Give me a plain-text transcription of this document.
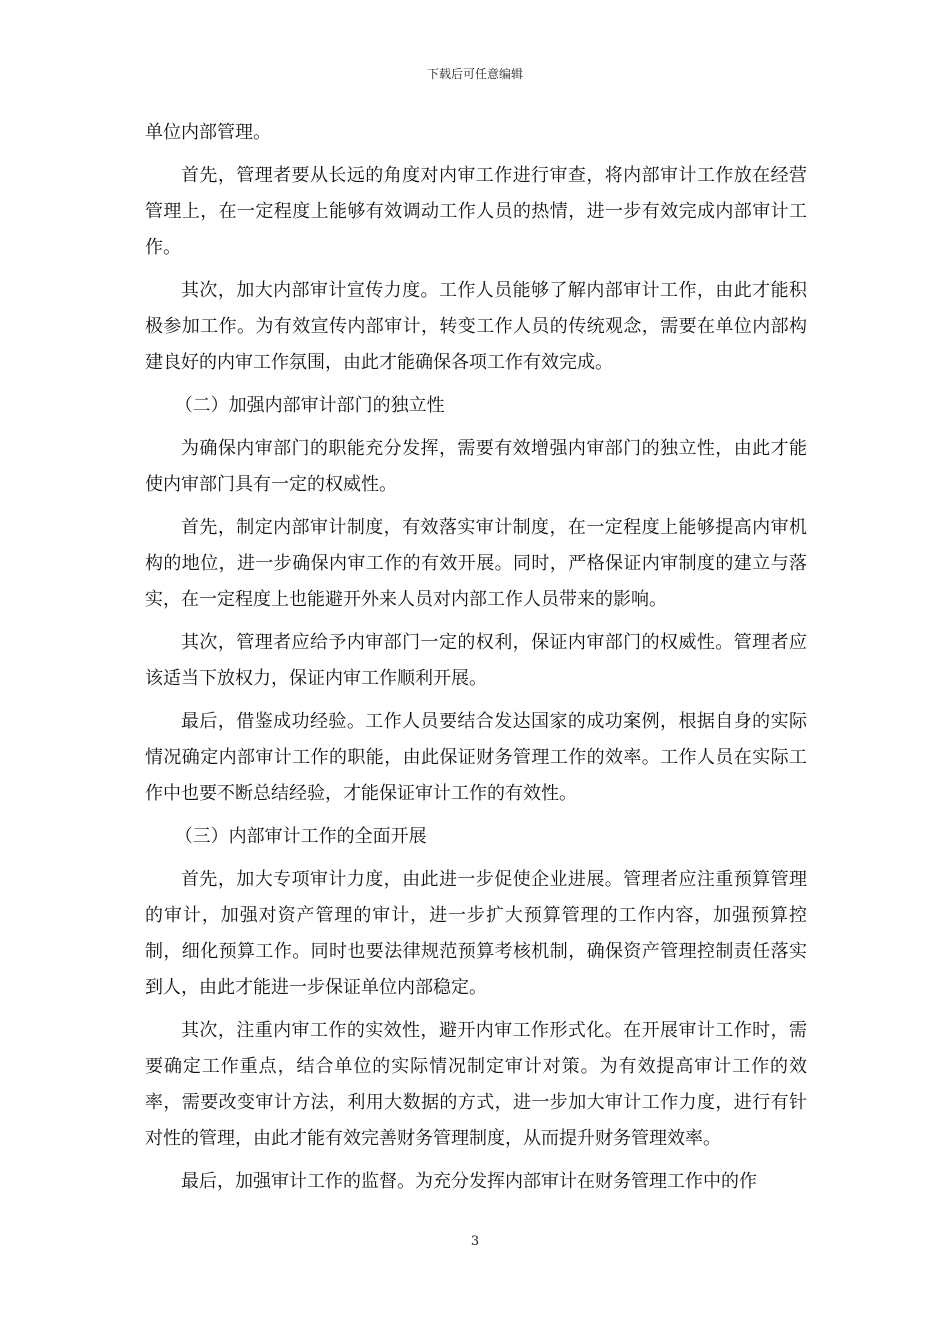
下载后可任意编辑

单位内部管理。

首先，管理者要从长远的角度对内审工作进行审查，将内部审计工作放在经营管理上，在一定程度上能够有效调动工作人员的热情，进一步有效完成内部审计工作。

其次，加大内部审计宣传力度。工作人员能够了解内部审计工作，由此才能积极参加工作。为有效宣传内部审计，转变工作人员的传统观念，需要在单位内部构建良好的内审工作氛围，由此才能确保各项工作有效完成。

（二）加强内部审计部门的独立性

为确保内审部门的职能充分发挥，需要有效增强内审部门的独立性，由此才能使内审部门具有一定的权威性。

首先，制定内部审计制度，有效落实审计制度，在一定程度上能够提高内审机构的地位，进一步确保内审工作的有效开展。同时，严格保证内审制度的建立与落实，在一定程度上也能避开外来人员对内部工作人员带来的影响。

其次，管理者应给予内审部门一定的权利，保证内审部门的权威性。管理者应该适当下放权力，保证内审工作顺利开展。

最后，借鉴成功经验。工作人员要结合发达国家的成功案例，根据自身的实际情况确定内部审计工作的职能，由此保证财务管理工作的效率。工作人员在实际工作中也要不断总结经验，才能保证审计工作的有效性。

（三）内部审计工作的全面开展

首先，加大专项审计力度，由此进一步促使企业进展。管理者应注重预算管理的审计，加强对资产管理的审计，进一步扩大预算管理的工作内容，加强预算控制，细化预算工作。同时也要法律规范预算考核机制，确保资产管理控制责任落实到人，由此才能进一步保证单位内部稳定。

其次，注重内审工作的实效性，避开内审工作形式化。在开展审计工作时，需要确定工作重点，结合单位的实际情况制定审计对策。为有效提高审计工作的效率，需要改变审计方法，利用大数据的方式，进一步加大审计工作力度，进行有针对性的管理，由此才能有效完善财务管理制度，从而提升财务管理效率。

最后，加强审计工作的监督。为充分发挥内部审计在财务管理工作中的作

3
